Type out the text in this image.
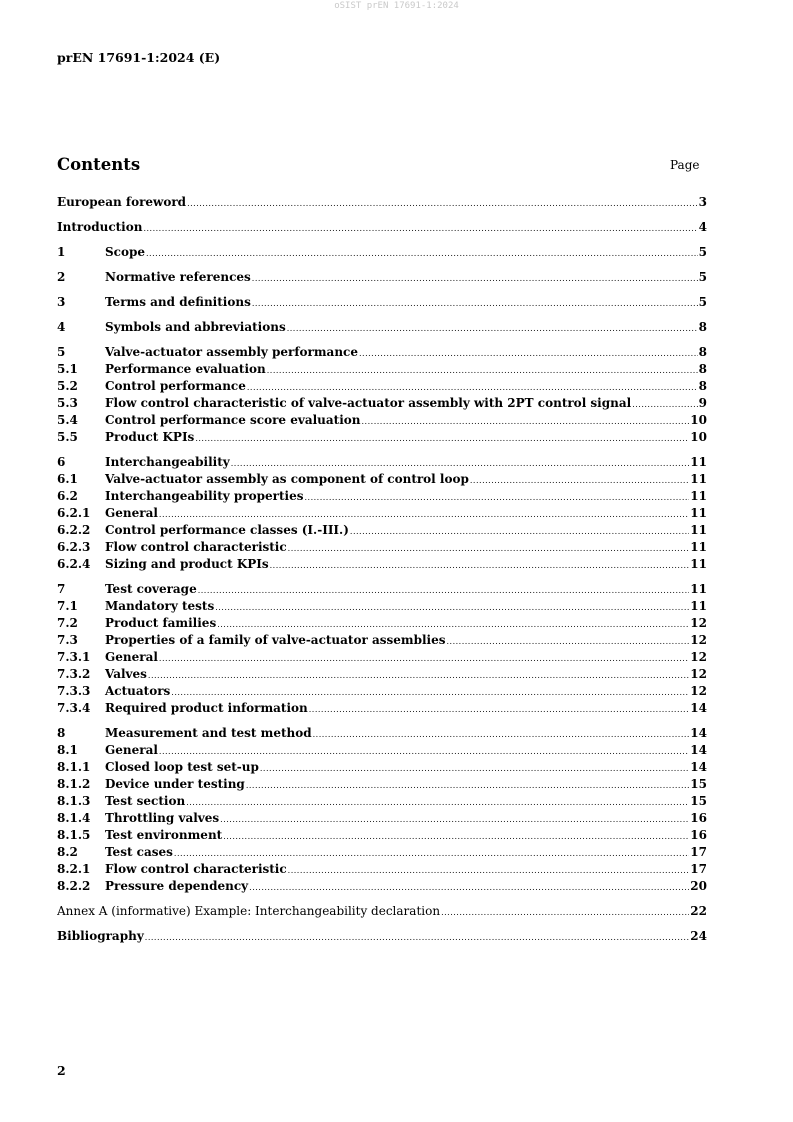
oSIST prEN 17691-1:2024
prEN 17691-1:2024 (E)
Contents	Page
European foreword .....	3
Introduction .....	4
1	Scope .....	5
2	Normative references .....	5
3	Terms and definitions .....	5
4	Symbols and abbreviations .....	8
5	Valve-actuator assembly performance .....	8
5.1	Performance evaluation .....	8
5.2	Control performance .....	8
5.3	Flow control characteristic of valve-actuator assembly with 2PT control signal .....	9
5.4	Control performance score evaluation .....	10
5.5	Product KPIs .....	10
6	Interchangeability .....	11
6.1	Valve-actuator assembly as component of control loop .....	11
6.2	Interchangeability properties .....	11
6.2.1	General .....	11
6.2.2	Control performance classes (I.-III.) .....	11
6.2.3	Flow control characteristic .....	11
6.2.4	Sizing and product KPIs .....	11
7	Test coverage .....	11
7.1	Mandatory tests .....	11
7.2	Product families .....	12
7.3	Properties of a family of valve-actuator assemblies .....	12
7.3.1	General .....	12
7.3.2	Valves .....	12
7.3.3	Actuators .....	12
7.3.4	Required product information .....	14
8	Measurement and test method .....	14
8.1	General .....	14
8.1.1	Closed loop test set-up .....	14
8.1.2	Device under testing .....	15
8.1.3	Test section .....	15
8.1.4	Throttling valves .....	16
8.1.5	Test environment .....	16
8.2	Test cases .....	17
8.2.1	Flow control characteristic .....	17
8.2.2	Pressure dependency .....	20
Annex A (informative) Example: Interchangeability declaration .....	22
Bibliography .....	24
2
